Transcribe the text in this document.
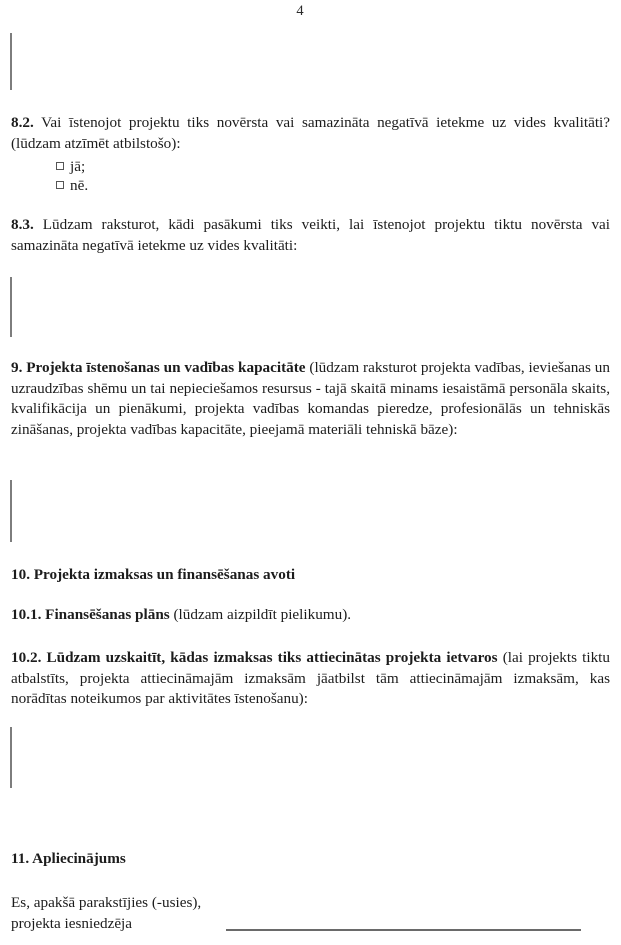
4
8.2. Vai īstenojot projektu tiks novērsta vai samazināta negatīvā ietekme uz vides kvalitāti? (lūdzam atzīmēt atbilstošo):
jā;
nē.
8.3. Lūdzam raksturot, kādi pasākumi tiks veikti, lai īstenojot projektu tiktu novērsta vai samazināta negatīvā ietekme uz vides kvalitāti:
9. Projekta īstenošanas un vadības kapacitāte (lūdzam raksturot projekta vadības, ieviešanas un uzraudzības shēmu un tai nepieciešamos resursus - tajā skaitā minams iesaistāmā personāla skaits, kvalifikācija un pienākumi, projekta vadības komandas pieredze, profesionālās un tehniskās zināšanas, projekta vadības kapacitāte, pieejamā materiāli tehniskā bāze):
10. Projekta izmaksas un finansēšanas avoti
10.1. Finansēšanas plāns (lūdzam aizpildīt pielikumu).
10.2. Lūdzam uzskaitīt, kādas izmaksas tiks attiecinātas projekta ietvaros (lai projekts tiktu atbalstīts, projekta attiecināmajām izmaksām jāatbilst tām attiecināmajām izmaksām, kas norādītas noteikumos par aktivitātes īstenošanu):
11. Apliecinājums
Es, apakšā parakstījies (-usies),
projekta iesniedzēja
